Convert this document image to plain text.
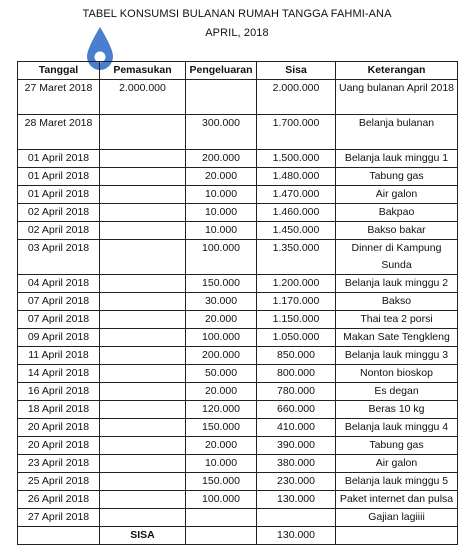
TABEL KONSUMSI BULANAN RUMAH TANGGA FAHMI-ANA
APRIL, 2018
Tanggal	Pemasukan	Pengeluaran	Sisa	Keterangan
27 Maret 2018	2.000.000		2.000.000	Uang bulanan April 2018
28 Maret 2018		300.000	1.700.000	Belanja bulanan
01 April 2018		200.000	1.500.000	Belanja lauk minggu 1
01 April 2018		20.000	1.480.000	Tabung gas
01 April 2018		10.000	1.470.000	Air galon
02 April 2018		10.000	1.460.000	Bakpao
02 April 2018		10.000	1.450.000	Bakso bakar
03 April 2018		100.000	1.350.000	Dinner di Kampung Sunda
04 April 2018		150.000	1.200.000	Belanja lauk minggu 2
07 April 2018		30.000	1.170.000	Bakso
07 April 2018		20.000	1.150.000	Thai tea 2 porsi
09 April 2018		100.000	1.050.000	Makan Sate Tengkleng
11 April 2018		200.000	850.000	Belanja lauk minggu 3
14 April 2018		50.000	800.000	Nonton bioskop
16 April 2018		20.000	780.000	Es degan
18 April 2018		120.000	660.000	Beras 10 kg
20 April 2018		150.000	410.000	Belanja lauk minggu 4
20 April 2018		20.000	390.000	Tabung gas
23 April 2018		10.000	380.000	Air galon
25 April 2018		150.000	230.000	Belanja lauk minggu 5
26 April 2018		100.000	130.000	Paket internet dan pulsa
27 April 2018				Gajian lagiiii
	SISA		130.000	
